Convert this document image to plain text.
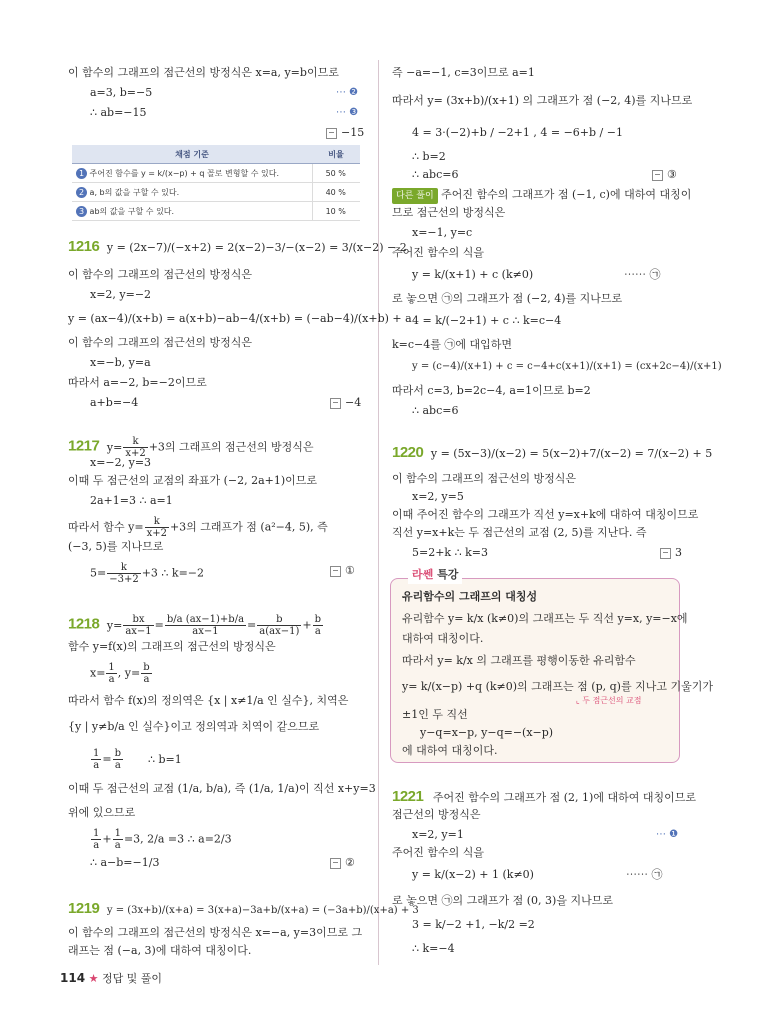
이 함수의 그래프의 점근선의 방정식은 x=a, y=b이므로
a=3, b=−5	⋯ ❷
∴ ab=−15	⋯ ❸
−15
채점 기준	비율
1 주어진 함수를 y = k/(x−p) + q 꼴로 변형할 수 있다.	50 %
2 a, b의 값을 구할 수 있다.	40 %
3 ab의 값을 구할 수 있다.	10 %
1216 y = (2x−7)/(−x+2) = 2(x−2)−3/−(x−2) = 3/(x−2) − 2
이 함수의 그래프의 점근선의 방정식은
x=2, y=−2
y = (ax−4)/(x+b) = a(x+b)−ab−4/(x+b) = (−ab−4)/(x+b) + a
이 함수의 그래프의 점근선의 방정식은
x=−b, y=a
따라서 a=−2, b=−2이므로
a+b=−4	−4
1217 $y= \frac{k}{x+2} +3$의 그래프의 점근선의 방정식은
x=−2, y=3
이때 두 점근선의 교점의 좌표가 (−2, 2a+1)이므로
2a+1=3 ∴ a=1
따라서 함수 $y= \frac{k}{x+2} +3$의 그래프가 점 (a²−4, 5), 즉
(−3, 5)를 지나므로
$5= \frac{k}{-3+2} +3$ ∴ k=−2	①
1218 $y= \frac{bx}{ax-1} = \frac{b/a (ax-1)+b/a}{ax-1} = \frac{b}{a(ax-1)} + \frac{b}{a}$
함수 y=f(x)의 그래프의 점근선의 방정식은
$x= \frac{1}{a}$ , $y= \frac{b}{a}$
따라서 함수 f(x)의 정의역은 {x | x≠1/a 인 실수}, 치역은
{y | y≠b/a 인 실수}이고 정의역과 치역이 같으므로
$\frac{1}{a} = \frac{b}{a}$ ∴ b=1
이때 두 점근선의 교점 (1/a, b/a), 즉 (1/a, 1/a)이 직선 x+y=3
위에 있으므로
$\frac{1}{a} + \frac{1}{a} =3$, 2/a =3 ∴ a=2/3
∴ a−b=−1/3	②
1219 y = (3x+b)/(x+a) = 3(x+a)−3a+b/(x+a) = (−3a+b)/(x+a) + 3
이 함수의 그래프의 점근선의 방정식은 x=−a, y=3이므로 그
래프는 점 (−a, 3)에 대하여 대칭이다.
즉 −a=−1, c=3이므로 a=1
따라서 y= (3x+b)/(x+1) 의 그래프가 점 (−2, 4)를 지나므로
4 = 3·(−2)+b / −2+1 , 4 = −6+b / −1
∴ b=2
∴ abc=6	③
다른 풀이 주어진 함수의 그래프가 점 (−1, c)에 대하여 대칭이
므로 점근선의 방정식은
x=−1, y=c
주어진 함수의 식을
y = k/(x+1) + c (k≠0)	⋯⋯ ㉠
로 놓으면 ㉠의 그래프가 점 (−2, 4)를 지나므로
4 = k/(−2+1) + c ∴ k=c−4
k=c−4를 ㉠에 대입하면
y = (c−4)/(x+1) + c = c−4+c(x+1)/(x+1) = (cx+2c−4)/(x+1)
따라서 c=3, b=2c−4, a=1이므로 b=2
∴ abc=6
1220 y = (5x−3)/(x−2) = 5(x−2)+7/(x−2) = 7/(x−2) + 5
이 함수의 그래프의 점근선의 방정식은
x=2, y=5
이때 주어진 함수의 그래프가 직선 y=x+k에 대하여 대칭이므로
직선 y=x+k는 두 점근선의 교점 (2, 5)를 지난다. 즉
5=2+k ∴ k=3	3
라쎈 특강
유리함수의 그래프의 대칭성
유리함수 y= k/x (k≠0)의 그래프는 두 직선 y=x, y=−x에
대하여 대칭이다.
따라서 y= k/x 의 그래프를 평행이동한 유리함수
y= k/(x−p) +q (k≠0)의 그래프는 점 (p, q)를 지나고 기울기가
⌞ 두 점근선의 교점
±1인 두 직선
y−q=x−p, y−q=−(x−p)
에 대하여 대칭이다.
1221 주어진 함수의 그래프가 점 (2, 1)에 대하여 대칭이므로
점근선의 방정식은
x=2, y=1	⋯ ❶
주어진 함수의 식을
y = k/(x−2) + 1 (k≠0)	⋯⋯ ㉠
로 놓으면 ㉠의 그래프가 점 (0, 3)을 지나므로
3 = k/−2 +1, −k/2 =2
∴ k=−4
114 ★ 정답 및 풀이
